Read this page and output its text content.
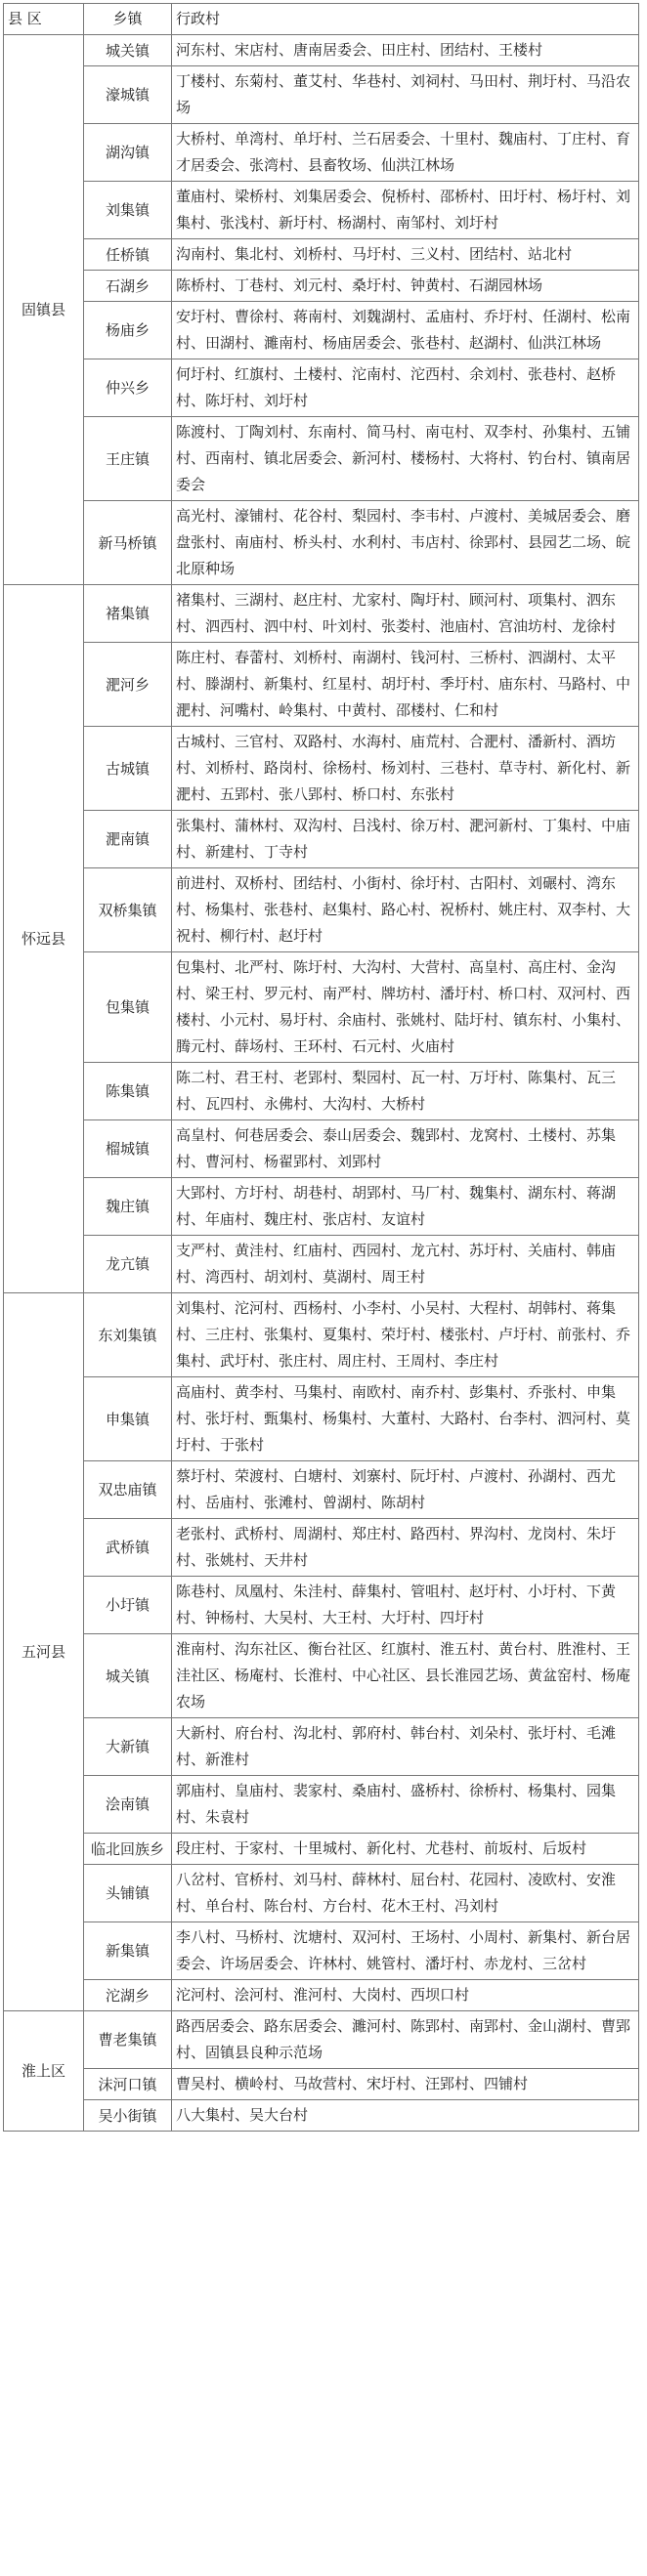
县 区	乡镇	行政村
固镇县	城关镇	河东村、宋店村、唐南居委会、田庄村、团结村、王楼村
	濠城镇	丁楼村、东菊村、董艾村、华巷村、刘祠村、马田村、荆圩村、马沿农场
	湖沟镇	大桥村、单湾村、单圩村、兰石居委会、十里村、魏庙村、丁庄村、育才居委会、张湾村、县畜牧场、仙洪江林场
	刘集镇	董庙村、梁桥村、刘集居委会、倪桥村、邵桥村、田圩村、杨圩村、刘集村、张浅村、新圩村、杨湖村、南邹村、刘圩村
	任桥镇	沟南村、集北村、刘桥村、马圩村、三义村、团结村、站北村
	石湖乡	陈桥村、丁巷村、刘元村、桑圩村、钟黄村、石湖园林场
	杨庙乡	安圩村、曹徐村、蒋南村、刘魏湖村、孟庙村、乔圩村、任湖村、松南村、田湖村、濉南村、杨庙居委会、张巷村、赵湖村、仙洪江林场
	仲兴乡	何圩村、红旗村、土楼村、沱南村、沱西村、余刘村、张巷村、赵桥村、陈圩村、刘圩村
	王庄镇	陈渡村、丁陶刘村、东南村、简马村、南屯村、双李村、孙集村、五铺村、西南村、镇北居委会、新河村、楼杨村、大将村、钓台村、镇南居委会
	新马桥镇	高光村、濠铺村、花谷村、梨园村、李韦村、卢渡村、美城居委会、磨盘张村、南庙村、桥头村、水利村、韦店村、徐郢村、县园艺二场、皖北原种场
怀远县	褚集镇	褚集村、三湖村、赵庄村、尤家村、陶圩村、顾河村、项集村、泗东村、泗西村、泗中村、叶刘村、张娄村、池庙村、宫油坊村、龙徐村
	淝河乡	陈庄村、春蕾村、刘桥村、南湖村、钱河村、三桥村、泗湖村、太平村、滕湖村、新集村、红星村、胡圩村、季圩村、庙东村、马路村、中淝村、河嘴村、岭集村、中黄村、邵楼村、仁和村
	古城镇	古城村、三官村、双路村、水海村、庙荒村、合淝村、潘新村、酒坊村、刘桥村、路岗村、徐杨村、杨刘村、三巷村、草寺村、新化村、新淝村、五郢村、张八郢村、桥口村、东张村
	淝南镇	张集村、蒲林村、双沟村、吕浅村、徐万村、淝河新村、丁集村、中庙村、新建村、丁寺村
	双桥集镇	前进村、双桥村、团结村、小街村、徐圩村、古阳村、刘碾村、湾东村、杨集村、张巷村、赵集村、路心村、祝桥村、姚庄村、双李村、大祝村、柳行村、赵圩村
	包集镇	包集村、北严村、陈圩村、大沟村、大营村、高皇村、高庄村、金沟村、梁王村、罗元村、南严村、牌坊村、潘圩村、桥口村、双河村、西楼村、小元村、易圩村、余庙村、张姚村、陆圩村、镇东村、小集村、腾元村、薛场村、王环村、石元村、火庙村
	陈集镇	陈二村、君王村、老郢村、梨园村、瓦一村、万圩村、陈集村、瓦三村、瓦四村、永佛村、大沟村、大桥村
	榴城镇	高皇村、何巷居委会、泰山居委会、魏郢村、龙窝村、土楼村、苏集村、曹河村、杨翟郢村、刘郢村
	魏庄镇	大郢村、方圩村、胡巷村、胡郢村、马厂村、魏集村、湖东村、蒋湖村、年庙村、魏庄村、张店村、友谊村
	龙亢镇	支严村、黄洼村、红庙村、西园村、龙亢村、苏圩村、关庙村、韩庙村、湾西村、胡刘村、莫湖村、周王村
五河县	东刘集镇	刘集村、沱河村、西杨村、小李村、小吴村、大程村、胡韩村、蒋集村、三庄村、张集村、夏集村、荣圩村、楼张村、卢圩村、前张村、乔集村、武圩村、张庄村、周庄村、王周村、李庄村
	申集镇	高庙村、黄李村、马集村、南欧村、南乔村、彭集村、乔张村、申集村、张圩村、甄集村、杨集村、大董村、大路村、台李村、泗河村、莫圩村、于张村
	双忠庙镇	蔡圩村、荣渡村、白塘村、刘寨村、阮圩村、卢渡村、孙湖村、西尤村、岳庙村、张滩村、曾湖村、陈胡村
	武桥镇	老张村、武桥村、周湖村、郑庄村、路西村、界沟村、龙岗村、朱圩村、张姚村、天井村
	小圩镇	陈巷村、凤凰村、朱洼村、薛集村、管咀村、赵圩村、小圩村、下黄村、钟杨村、大吴村、大王村、大圩村、四圩村
	城关镇	淮南村、沟东社区、衡台社区、红旗村、淮五村、黄台村、胜淮村、王洼社区、杨庵村、长淮村、中心社区、县长淮园艺场、黄盆窑村、杨庵农场
	大新镇	大新村、府台村、沟北村、郭府村、韩台村、刘朵村、张圩村、毛滩村、新淮村
	浍南镇	郭庙村、皇庙村、裴家村、桑庙村、盛桥村、徐桥村、杨集村、园集村、朱袁村
	临北回族乡	段庄村、于家村、十里城村、新化村、尤巷村、前坂村、后坂村
	头铺镇	八岔村、官桥村、刘马村、薛林村、屈台村、花园村、凌欧村、安淮村、单台村、陈台村、方台村、花木王村、冯刘村
	新集镇	李八村、马桥村、沈塘村、双河村、王场村、小周村、新集村、新台居委会、许场居委会、许林村、姚管村、潘圩村、赤龙村、三岔村
	沱湖乡	沱河村、浍河村、淮河村、大岗村、西坝口村
淮上区	曹老集镇	路西居委会、路东居委会、濉河村、陈郢村、南郢村、金山湖村、曹郢村、固镇县良种示范场
	沫河口镇	曹吴村、横岭村、马故营村、宋圩村、汪郢村、四铺村
	吴小街镇	八大集村、吴大台村
